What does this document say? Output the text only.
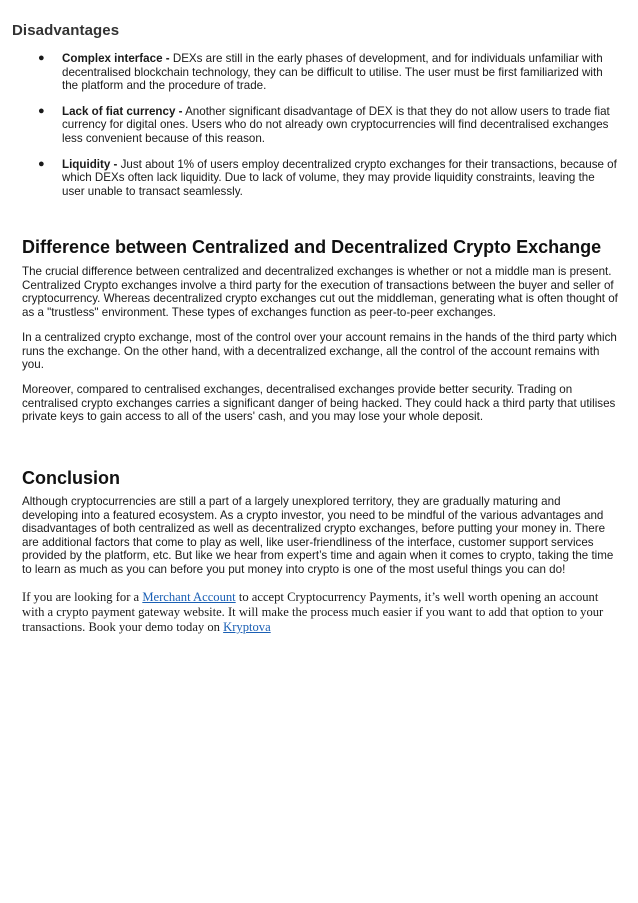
Disadvantages
● Complex interface - DEXs are still in the early phases of development, and for individuals unfamiliar with decentralised blockchain technology, they can be difficult to utilise. The user must be first familiarized with the platform and the procedure of trade.
● Lack of fiat currency - Another significant disadvantage of DEX is that they do not allow users to trade fiat currency for digital ones. Users who do not already own cryptocurrencies will find decentralised exchanges less convenient because of this reason.
● Liquidity - Just about 1% of users employ decentralized crypto exchanges for their transactions, because of which DEXs often lack liquidity. Due to lack of volume, they may provide liquidity constraints, leaving the user unable to transact seamlessly.
Difference between Centralized and Decentralized Crypto Exchange

The crucial difference between centralized and decentralized exchanges is whether or not a middle man is present. Centralized Crypto exchanges involve a third party for the execution of transactions between the buyer and seller of cryptocurrency. Whereas decentralized crypto exchanges cut out the middleman, generating what is often thought of as a "trustless" environment. These types of exchanges function as peer-to-peer exchanges.

In a centralized crypto exchange, most of the control over your account remains in the hands of the third party which runs the exchange. On the other hand, with a decentralized exchange, all the control of the account remains with you.

Moreover, compared to centralised exchanges, decentralised exchanges provide better security. Trading on centralised crypto exchanges carries a significant danger of being hacked. They could hack a third party that utilises private keys to gain access to all of the users' cash, and you may lose your whole deposit.

Conclusion

Although cryptocurrencies are still a part of a largely unexplored territory, they are gradually maturing and developing into a featured ecosystem. As a crypto investor, you need to be mindful of the various advantages and disadvantages of both centralized as well as decentralized crypto exchanges, before putting your money in. There are additional factors that come to play as well, like user-friendliness of the interface, customer support services provided by the platform, etc. But like we hear from expert’s time and again when it comes to crypto, taking the time to learn as much as you can before you put money into crypto is one of the most useful things you can do!

If you are looking for a Merchant Account to accept Cryptocurrency Payments, it’s well worth opening an account with a crypto payment gateway website. It will make the process much easier if you want to add that option to your transactions. Book your demo today on Kryptova
